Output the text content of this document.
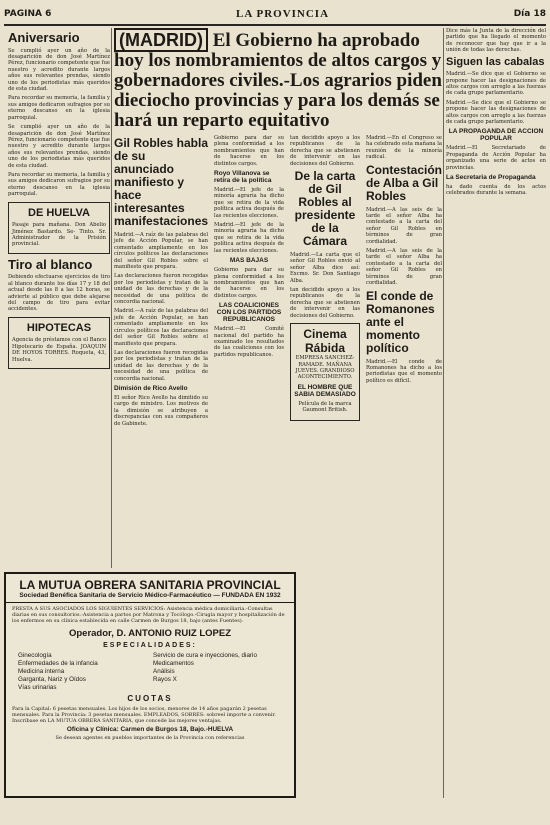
PAGINA 6	LA PROVINCIA	Día 18
Aniversario

Se cumplió ayer un año de la desaparición de don José Martínez Pérez, funcionario competente que fue nuestro y acredito durante largos años sus relevantes prendas, siendo uno de los periodistas más queridos de esta ciudad.

Para recordar su memoria, la familia y sus amigos dedicaron sufragios por su eterno descanso en la iglesia parroquial.

Se cumplió ayer un año de la desaparición de don José Martínez Pérez, funcionario competente que fue nuestro y acredito durante largos años sus relevantes prendas, siendo uno de los periodistas más queridos de esta ciudad.

Para recordar su memoria, la familia y sus amigos dedicaron sufragios por su eterno descanso en la iglesia parroquial.

DE HUELVA

Pasaje para mañana. Don Abelio Jiménez Bastardo. Se- Tinto. Sr. Administrador de la Prisión provincial.

Tiro al blanco

Debiendo efectuarse ejercicios de tiro al blanco durante los días 17 y 18 del actual desde las 8 a las 12 horas, se advierte al público que debe alejarse del campo de tiro para evitar accidentes.

HIPOTECAS

Agencia de préstamos con el Banco Hipotecario de España. JOAQUIN DE HOYOS TORRES. Roqueta, 43, Huelva.

(MADRID) El Gobierno ha aprobado hoy los nombramientos de altos cargos y gobernadores civiles.-Los agrarios piden dieciocho provincias y para los demás se hará un reparto equitativo
Gil Robles habla de su anunciado manifiesto y hace interesantes manifestaciones

Madrid.—A raíz de las palabras del jefe de Acción Popular, se han comentado ampliamente en los círculos políticos las declaraciones del señor Gil Robles sobre el manifiesto que prepara.

Las declaraciones fueron recogidas por los periodistas y tratan de la unidad de las derechas y de la necesidad de una política de concordia nacional.

Madrid.—A raíz de las palabras del jefe de Acción Popular, se han comentado ampliamente en los círculos políticos las declaraciones del señor Gil Robles sobre el manifiesto que prepara.

Las declaraciones fueron recogidas por los periodistas y tratan de la unidad de las derechas y de la necesidad de una política de concordia nacional.

Dimisión de Rico Avello

El señor Rico Avello ha dimitido su cargo de ministro. Los motivos de la dimisión se atribuyen a discrepancias con sus compañeros de Gabinete.

Gobierno para dar su plena conformidad a los nombramientos que han de hacerse en los distintos cargos.

Royo Villanova se retira de la política

Madrid.—El jefe de la minoría agraria ha dicho que se retira de la vida política activa después de las recientes elecciones.

Madrid.—El jefe de la minoría agraria ha dicho que se retira de la vida política activa después de las recientes elecciones.

MAS BAJAS

Gobierno para dar su plena conformidad a los nombramientos que han de hacerse en los distintos cargos.

LAS COALICIONES CON LOS PARTIDOS REPUBLICANOS

Madrid.—El Comité nacional del partido ha examinado los resultados de las coaliciones con los partidos republicanos.

tan decidido apoyo a los republicanos de la derecha que se abstienen de intervenir en las decisiones del Gobierno.

De la carta de Gil Robles al presidente de la Cámara

Madrid.—La carta que el señor Gil Robles envió al señor Alba dice así: Excmo. Sr. Don Santiago Alba.

tan decidido apoyo a los republicanos de la derecha que se abstienen de intervenir en las decisiones del Gobierno.

Cinema Rábida

EMPRESA SANCHEZ-RAMADE. MAÑANA JUEVES. GRANDIOSO ACONTECIMIENTO.

EL HOMBRE QUE SABIA DEMASIADO

Película de la marca Gaumont British.

Madrid.—En el Congreso se ha celebrado esta mañana la reunión de la minoría radical.

Contestación de Alba a Gil Robles

Madrid.—A las seis de la tarde el señor Alba ha contestado a la carta del señor Gil Robles en términos de gran cordialidad.

Madrid.—A las seis de la tarde el señor Alba ha contestado a la carta del señor Gil Robles en términos de gran cordialidad.

El conde de Romanones ante el momento político

Madrid.—El conde de Romanones ha dicho a los periodistas que el momento político es difícil.

Dice más la Junta de la dirección del partido que ha llegado el momento de reconocer que hay que ir a la unión de todas las derechas.

Siguen las cabalas

Madrid.—Se dice que el Gobierno se propone hacer las designaciones de altos cargos con arreglo a las fuerzas de cada grupo parlamentario.

Madrid.—Se dice que el Gobierno se propone hacer las designaciones de altos cargos con arreglo a las fuerzas de cada grupo parlamentario.

LA PROPAGANDA DE ACCION POPULAR

Madrid.—El Secretariado de Propaganda de Acción Popular ha organizado una serie de actos en provincias.

La Secretaria de Propaganda

ha dado cuenta de los actos celebrados durante la semana.

LA MUTUA OBRERA SANITARIA PROVINCIAL
Sociedad Benéfica Sanitaria de Servicio Médico-Farmacéutico — FUNDADA EN 1932

PRESTA A SUS ASOCIADOS LOS SIGUIENTES SERVICIOS: Asistencia médica domiciliaria.-Consultas diarias en sus consultorios.-Asistencia a partos por Matrona y Tocólogo.-Cirugía mayor y hospitalización de los enfermos en su clínica establecida en calle Carmen de Burgos 18, bajo (antes Fuentes).

Operador, D. ANTONIO RUIZ LOPEZ
ESPECIALIDADES:
Ginecología	Servicio de cura e inyecciones, diario
Enfermedades de la infancia	Medicamentos
Medicina interna	Análisis
Garganta, Nariz y Oídos	Rayos X
Vías urinarias
CUOTAS

Para la Capital: 6 pesetas mensuales. Los hijos de los socios, menores de 14 años pagarán 2 pesetas mensuales. Para la Provincia: 3 pesetas mensuales. EMPLEADOS, SOBRES: sobreel importe a convenir. Inscríbase en LA MUTUA OBRERA SANITARIA, que concede las mejores ventajas.

Oficina y Clínica: Carmen de Burgos 18, Bajo.-HUELVA
Se desean agentes en pueblos importantes de la Provincia con referencias
